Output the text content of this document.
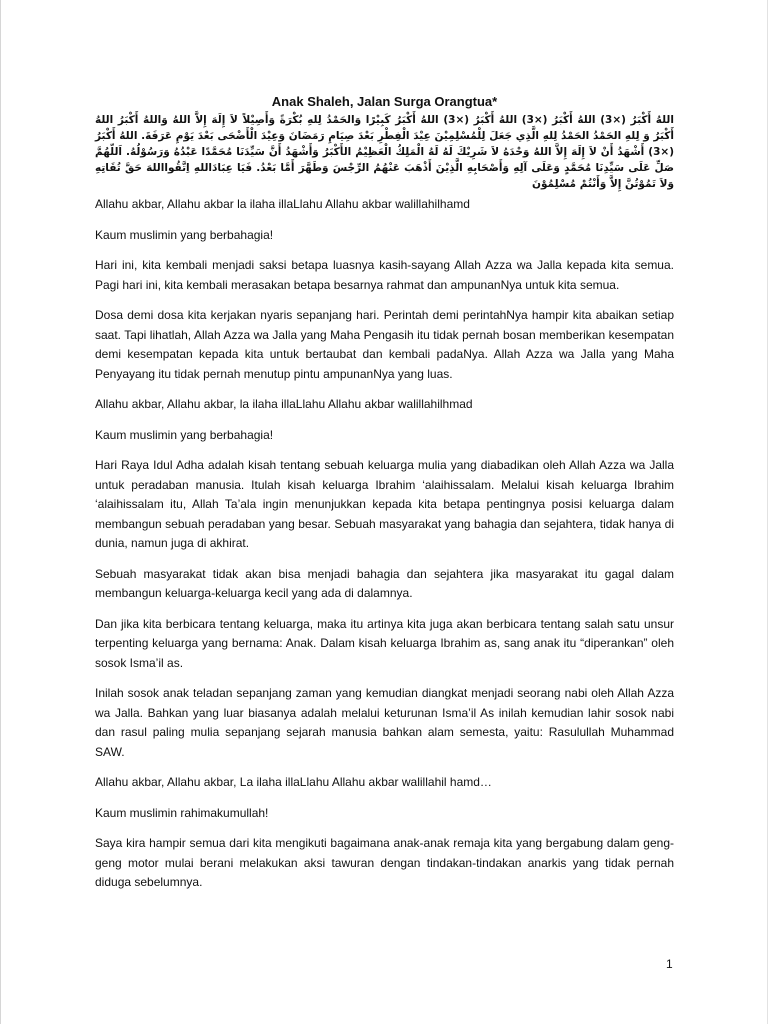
Anak Shaleh, Jalan Surga Orangtua*
اللهُ أَكْبَرُ (×3) اللهُ أَكْبَرُ (×3) اللهُ أَكْبَرُ (×3) اللهُ أَكْبَرُ كَبِيْرًا وَالحَمْدُ لِلهِ بُكْرَةً وَأَصِيْلاً لاَ إِلَهَ إِلاَّ اللهُ وَاللهُ أَكْبَرُ اللهُ أَكْبَرُ وَ لِلهِ الحَمْدُ الحَمْدُ لِلهِ الَّذِي جَعَلَ لِلْمُسْلِمِيْنَ عِيْدَ الْفِطْرِ بَعْدَ صِيَامِ رَمَضَانَ وَعِيْدَ الْأَضْحَى بَعْدَ يَوْمِ عَرَفَةَ. اللهُ أَكْبَرُ (×3) أَشْهَدُ أَنْ لاَ إِلَهَ إِلاَّ اللهُ وَحْدَهُ لاَ شَرِيْكَ لَهُ لَهُ الْمَلِكُ الْعَظِيْمُ الأَكْبَرُ وَأَشْهَدُ أَنَّ سَيِّدَنَا مُحَمَّدًا عَبْدُهُ وَرَسُوْلُهُ. اَللّهُمَّ صَلِّ عَلَى سَيِّدِنَا مُحَمَّدٍ وَعَلَى آلِهِ وَأَصْحَابِهِ الَّذِيْنَ أَذْهَبَ عَنْهُمُ الرِّجْسَ وَطَهَّرَ أَمَّا بَعْدُ. فَيَا عِبَادَاللهِ اِتَّقُوااللهَ حَقَّ تُقَاتِهِ وَلاَ تَمُوْتُنَّ إِلاَّ وَأَنْتُمْ مُسْلِمُوْنَ

Allahu akbar, Allahu akbar la ilaha illaLlahu Allahu akbar walillahilhamd

Kaum muslimin yang berbahagia!

Hari ini, kita kembali menjadi saksi betapa luasnya kasih-sayang Allah Azza wa Jalla kepada kita semua. Pagi hari ini, kita kembali merasakan betapa besarnya rahmat dan ampunanNya untuk kita semua.

Dosa demi dosa kita kerjakan nyaris sepanjang hari. Perintah demi perintahNya hampir kita abaikan setiap saat. Tapi lihatlah, Allah Azza wa Jalla yang Maha Pengasih itu tidak pernah bosan memberikan kesempatan demi kesempatan kepada kita untuk bertaubat dan kembali padaNya. Allah Azza wa Jalla yang Maha Penyayang itu tidak pernah menutup pintu ampunanNya yang luas.

Allahu akbar, Allahu akbar, la ilaha illaLlahu Allahu akbar walillahilhmad

Kaum muslimin yang berbahagia!

Hari Raya Idul Adha adalah kisah tentang sebuah keluarga mulia yang diabadikan oleh Allah Azza wa Jalla untuk peradaban manusia. Itulah kisah keluarga Ibrahim ‘alaihissalam. Melalui kisah keluarga Ibrahim ‘alaihissalam itu, Allah Ta’ala ingin menunjukkan kepada kita betapa pentingnya posisi keluarga dalam membangun sebuah peradaban yang besar. Sebuah masyarakat yang bahagia dan sejahtera, tidak hanya di dunia, namun juga di akhirat.

Sebuah masyarakat tidak akan bisa menjadi bahagia dan sejahtera jika masyarakat itu gagal dalam membangun keluarga-keluarga kecil yang ada di dalamnya.

Dan jika kita berbicara tentang keluarga, maka itu artinya kita juga akan berbicara tentang salah satu unsur terpenting keluarga yang bernama: Anak. Dalam kisah keluarga Ibrahim as, sang anak itu “diperankan” oleh sosok Isma’il as.

Inilah sosok anak teladan sepanjang zaman yang kemudian diangkat menjadi seorang nabi oleh Allah Azza wa Jalla. Bahkan yang luar biasanya adalah melalui keturunan Isma’il As inilah kemudian lahir sosok nabi dan rasul paling mulia sepanjang sejarah manusia bahkan alam semesta, yaitu: Rasulullah Muhammad SAW.

Allahu akbar, Allahu akbar, La ilaha illaLlahu Allahu akbar walillahil hamd…

Kaum muslimin rahimakumullah!

Saya kira hampir semua dari kita mengikuti bagaimana anak-anak remaja kita yang bergabung dalam geng-geng motor mulai berani melakukan aksi tawuran dengan tindakan-tindakan anarkis yang tidak pernah diduga sebelumnya.

1
